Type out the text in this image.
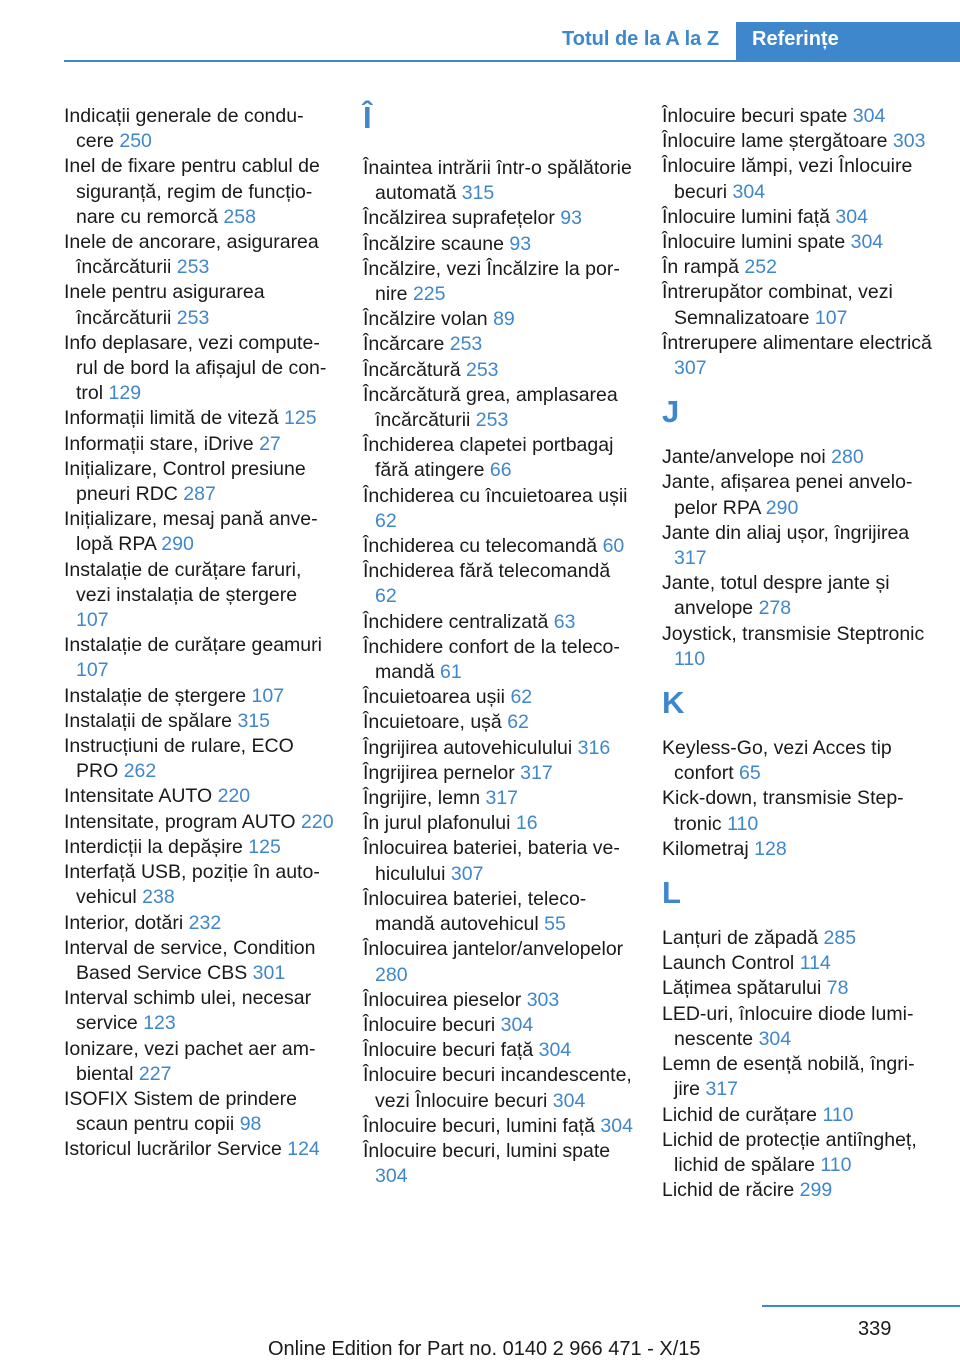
Totul de la A la Z Referințe
Indicații generale de conducere 250
Inel de fixare pentru cablul de siguranță, regim de funcționare cu remorcă 258
Inele de ancorare, asigurarea încărcăturii 253
Inele pentru asigurarea încărcăturii 253
Info deplasare, vezi computerul de bord la afișajul de control 129
Informații limită de viteză 125
Informații stare, iDrive 27
Inițializare, Control presiune pneuri RDC 287
Inițializare, mesaj pană anvelopă RPA 290
Instalație de curățare faruri, vezi instalația de ștergere 107
Instalație de curățare geamuri 107
Instalație de ștergere 107
Instalații de spălare 315
Instrucțiuni de rulare, ECO PRO 262
Intensitate AUTO 220
Intensitate, program AUTO 220
Interdicții la depășire 125
Interfață USB, poziție în autovehicul 238
Interior, dotări 232
Interval de service, Condition Based Service CBS 301
Interval schimb ulei, necesar service 123
Ionizare, vezi pachet aer ambiental 227
ISOFIX Sistem de prindere scaun pentru copii 98
Istoricul lucrărilor Service 124
Î
Înaintea intrării într-o spălătorie automată 315
Încălzirea suprafețelor 93
Încălzire scaune 93
Încălzire, vezi Încălzire la pornire 225
Încălzire volan 89
Încărcare 253
Încărcătură 253
Încărcătură grea, amplasarea încărcăturii 253
Închiderea clapetei portbagaj fără atingere 66
Închiderea cu încuietoarea ușii 62
Închiderea cu telecomandă 60
Închiderea fără telecomandă 62
Închidere centralizată 63
Închidere confort de la telecomandă 61
Încuietoarea ușii 62
Încuietoare, ușă 62
Îngrijirea autovehiculului 316
Îngrijirea pernelor 317
Îngrijire, lemn 317
În jurul plafonului 16
Înlocuirea bateriei, bateria vehiculului 307
Înlocuirea bateriei, telecomandă autovehicul 55
Înlocuirea jantelor/anvelopelor 280
Înlocuirea pieselor 303
Înlocuire becuri 304
Înlocuire becuri față 304
Înlocuire becuri incandescente, vezi Înlocuire becuri 304
Înlocuire becuri, lumini față 304
Înlocuire becuri, lumini spate 304
Înlocuire becuri spate 304
Înlocuire lame ștergătoare 303
Înlocuire lămpi, vezi Înlocuire becuri 304
Înlocuire lumini față 304
Înlocuire lumini spate 304
În rampă 252
Întrerupător combinat, vezi Semnalizatoare 107
Întrerupere alimentare electrică 307
J
Jante/anvelope noi 280
Jante, afișarea penei anvelopelor RPA 290
Jante din aliaj ușor, îngrijirea 317
Jante, totul despre jante și anvelope 278
Joystick, transmisie Steptronic 110
K
Keyless-Go, vezi Acces tip confort 65
Kick-down, transmisie Steptronic 110
Kilometraj 128
L
Lanțuri de zăpadă 285
Launch Control 114
Lățimea spătarului 78
LED-uri, înlocuire diode luminescente 304
Lemn de esență nobilă, îngrijire 317
Lichid de curățare 110
Lichid de protecție antiîngheț, lichid de spălare 110
Lichid de răcire 299
339
Online Edition for Part no. 0140 2 966 471 - X/15
